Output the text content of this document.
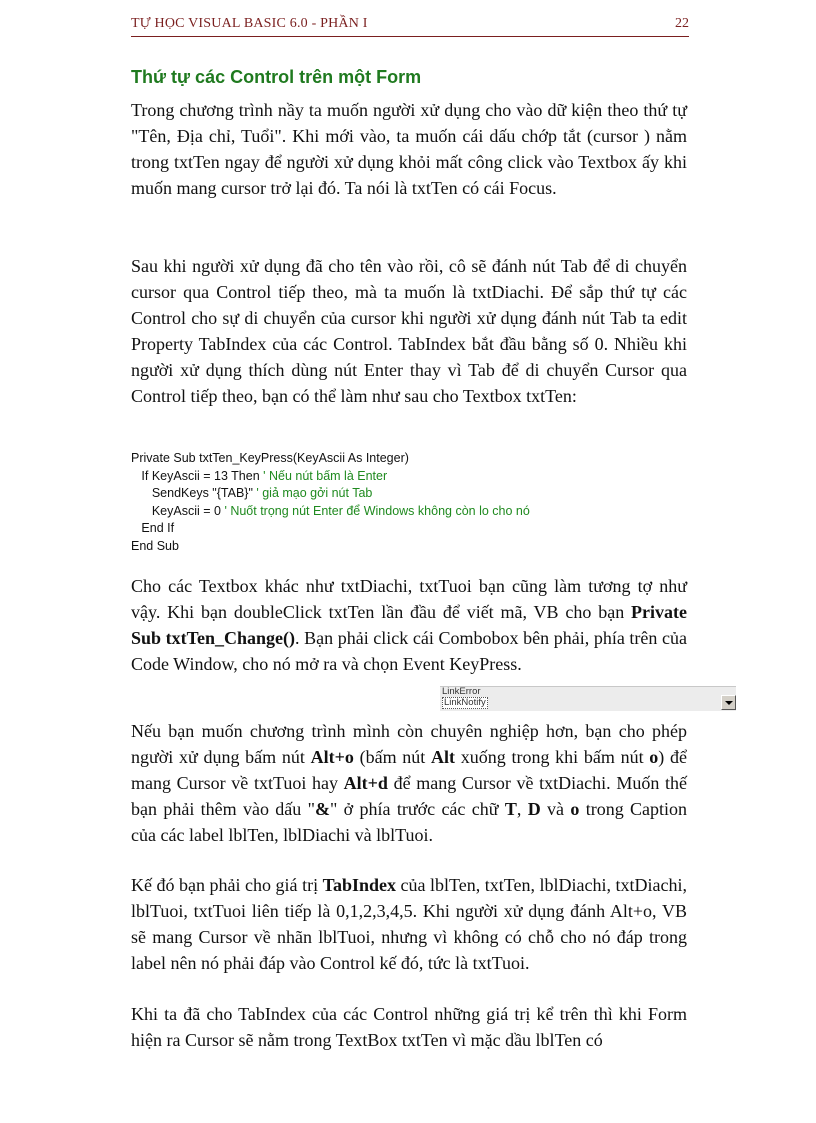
TỰ HỌC VISUAL BASIC 6.0 - PHẦN I	22
Thứ tự các Control trên một Form

Trong chương trình nầy ta muốn người xử dụng cho vào dữ kiện theo thứ tự "Tên, Địa chỉ, Tuổi". Khi mới vào, ta muốn cái dấu chớp tắt (cursor ) nằm trong txtTen ngay để người xử dụng khỏi mất công click vào Textbox ấy khi muốn mang cursor trở lại đó. Ta nói là txtTen có cái Focus.

Sau khi người xử dụng đã cho tên vào rồi, cô sẽ đánh nút Tab để di chuyển cursor qua Control tiếp theo, mà ta muốn là txtDiachi. Để sắp thứ tự các Control cho sự di chuyển của cursor khi người xử dụng đánh nút Tab ta edit Property TabIndex của các Control. TabIndex bắt đầu bằng số 0. Nhiều khi người xử dụng thích dùng nút Enter thay vì Tab để di chuyển Cursor qua Control tiếp theo, bạn có thể làm như sau cho Textbox txtTen:

Private Sub txtTen_KeyPress(KeyAscii As Integer)
If KeyAscii = 13 Then ' Nếu nút bấm là Enter
SendKeys "{TAB}" ' giả mạo gởi nút Tab
KeyAscii = 0 ' Nuốt trọng nút Enter để Windows không còn lo cho nó
End If
End Sub

Cho các Textbox khác như txtDiachi, txtTuoi bạn cũng làm tương tợ như vậy. Khi bạn doubleClick txtTen lần đầu để viết mã, VB cho bạn Private Sub txtTen_Change(). Bạn phải click cái Combobox bên phải, phía trên của Code Window, cho nó mở ra và chọn Event KeyPress.

LinkError
LinkNotify

Nếu bạn muốn chương trình mình còn chuyên nghiệp hơn, bạn cho phép người xử dụng bấm nút Alt+o (bấm nút Alt xuống trong khi bấm nút o) để mang Cursor về txtTuoi hay Alt+d để mang Cursor về txtDiachi. Muốn thế bạn phải thêm vào dấu "&" ở phía trước các chữ T, D và o trong Caption của các label lblTen, lblDiachi và lblTuoi.

Kế đó bạn phải cho giá trị TabIndex của lblTen, txtTen, lblDiachi, txtDiachi, lblTuoi, txtTuoi liên tiếp là 0,1,2,3,4,5. Khi người xử dụng đánh Alt+o, VB sẽ mang Cursor về nhãn lblTuoi, nhưng vì không có chỗ cho nó đáp trong label nên nó phải đáp vào Control kế đó, tức là txtTuoi.

Khi ta đã cho TabIndex của các Control những giá trị kể trên thì khi Form hiện ra Cursor sẽ nằm trong TextBox txtTen vì mặc dầu lblTen có
